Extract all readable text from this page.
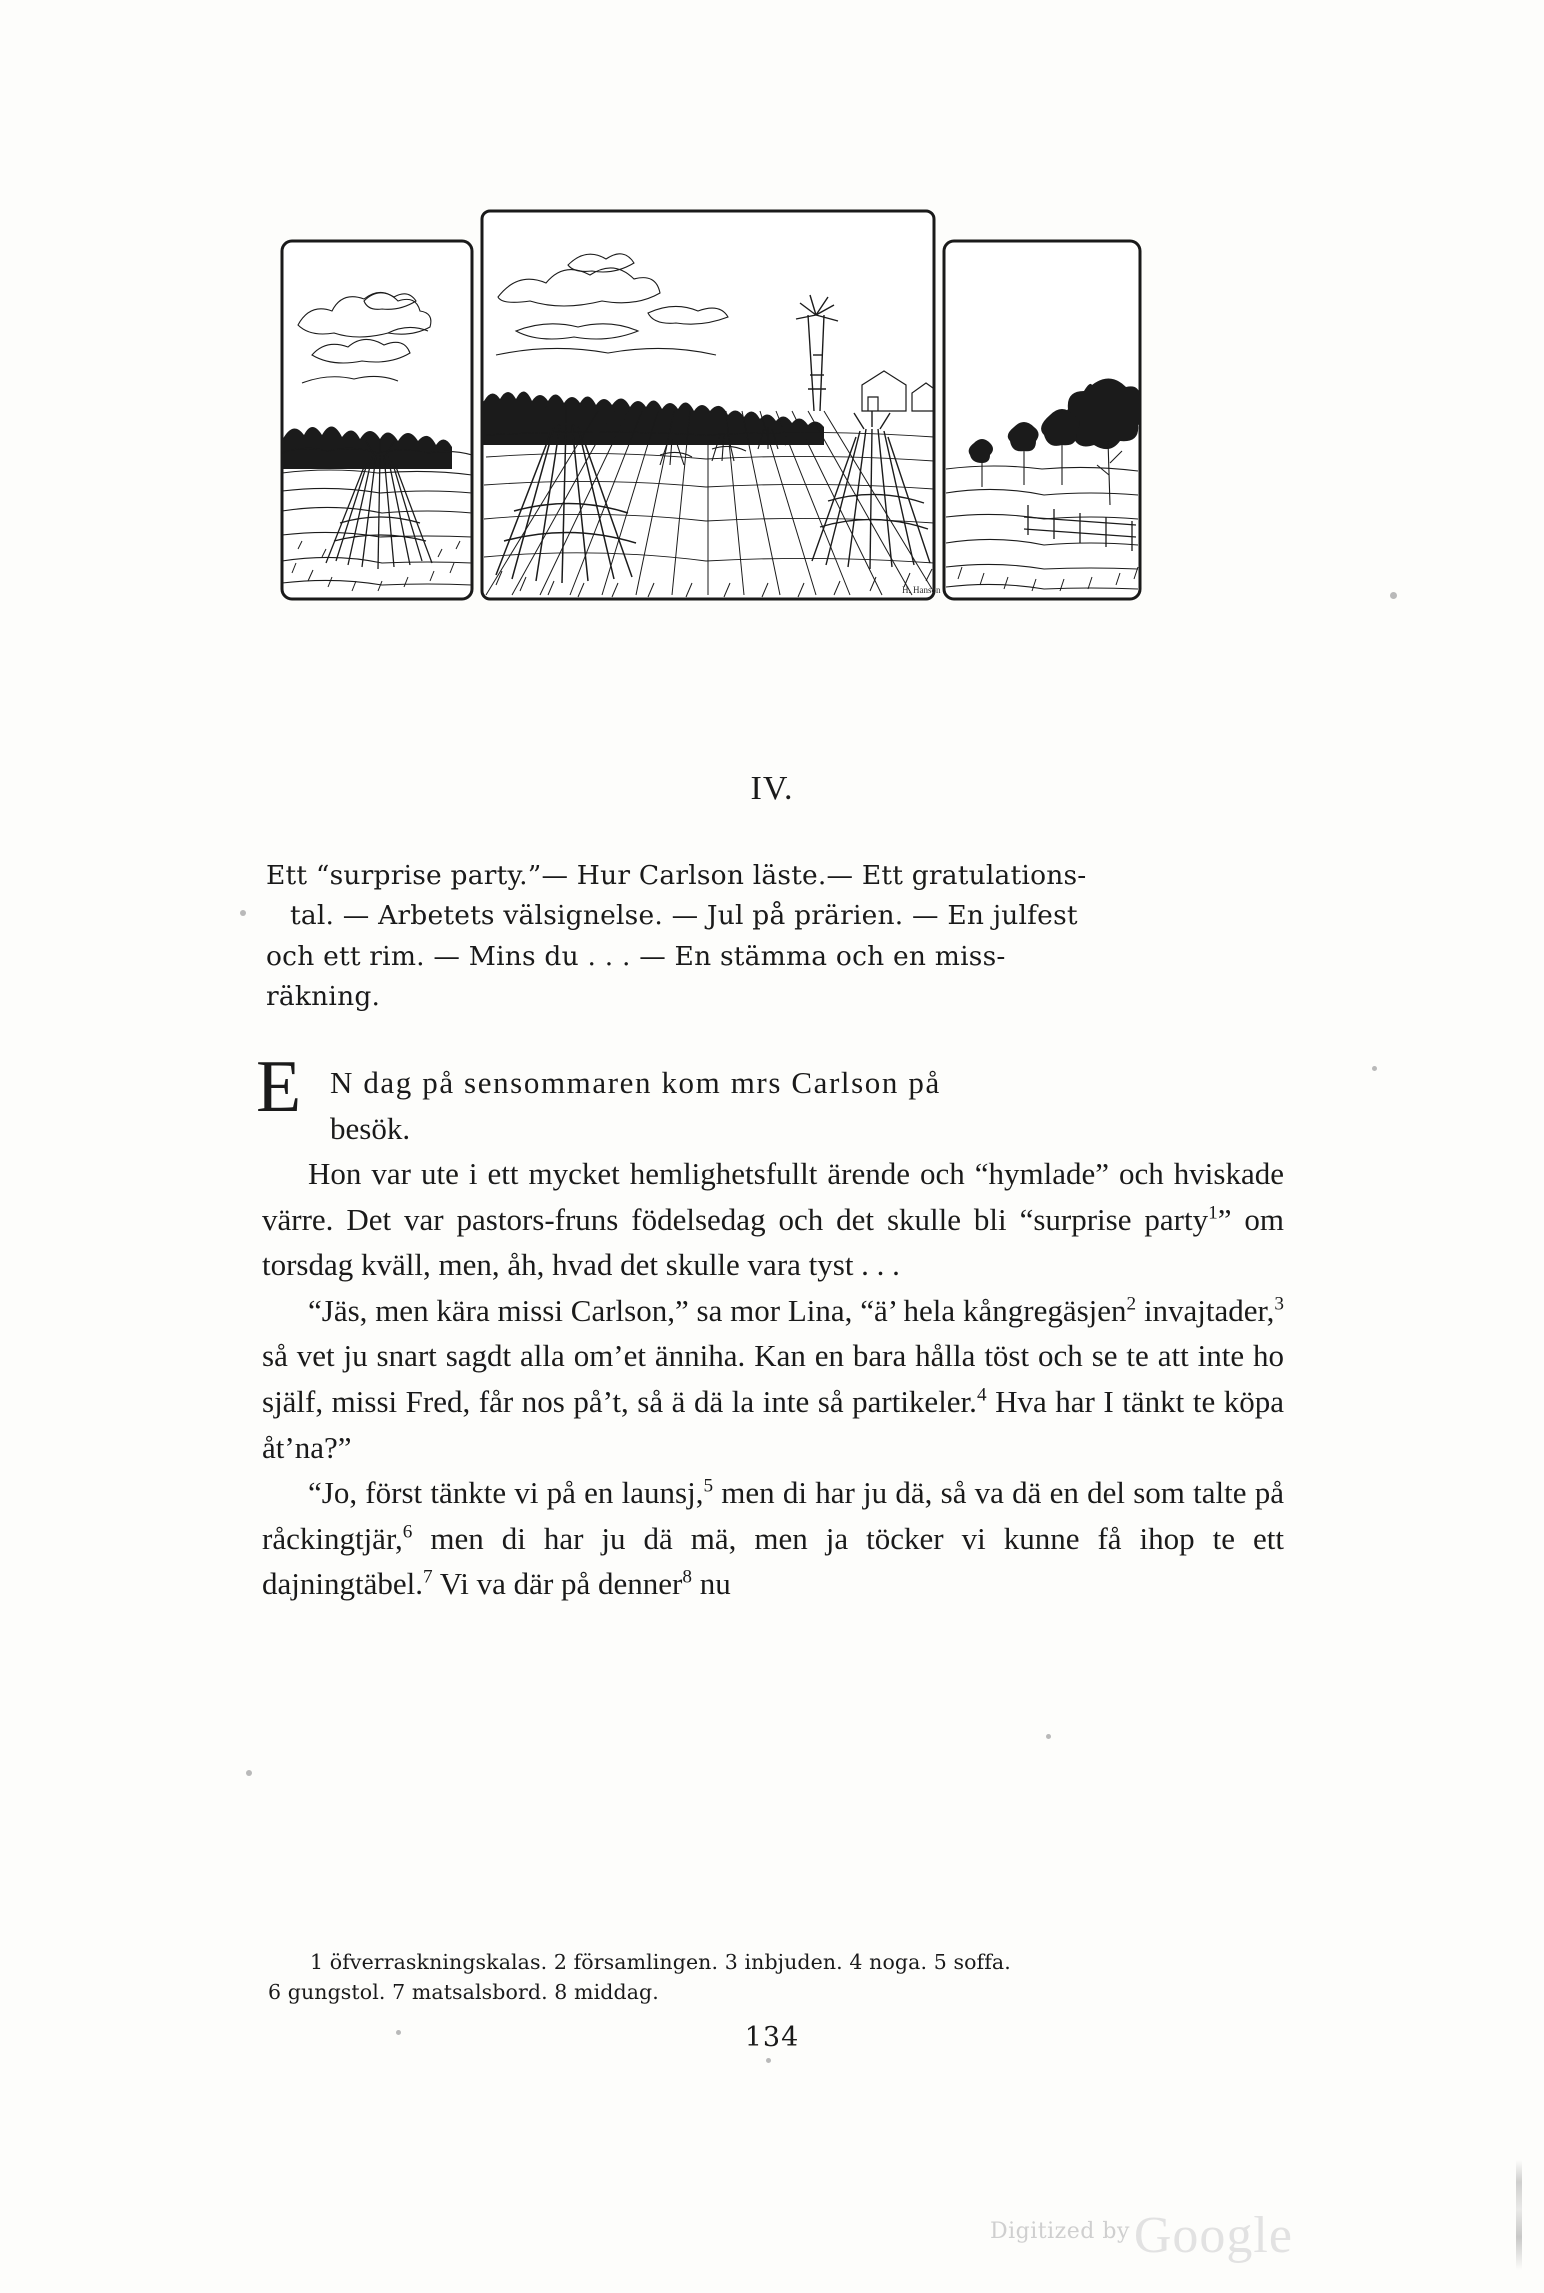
H. Hanson
IV.
Ett “surprise party.”— Hur Carlson läste.— Ett gratulations-
tal. — Arbetets välsignelse. — Jul på prärien. — En julfest
och ett rim. — Mins du . . . — En stämma och en miss-
räkning.

E N dag på sensommaren kom mrs Carlson på
besök.

Hon var ute i ett mycket hemlighetsfullt ärende och “hymlade” och hviskade värre. Det var pastors-fruns födelsedag och det skulle bli “surprise party$^1$” om torsdag kväll, men, åh, hvad det skulle vara tyst . . .

“Jäs, men kära missi Carlson,” sa mor Lina, “ä’ hela kångregäsjen$^2$ invajtader,$^3$ så vet ju snart sagdt alla om’et änniha. Kan en bara hålla töst och se te att inte ho själf, missi Fred, får nos på’t, så ä dä la inte så partikeler.$^4$ Hva har I tänkt te köpa åt’na?”

“Jo, först tänkte vi på en launsj,$^5$ men di har ju dä, så va dä en del som talte på råckingtjär,$^6$ men di har ju dä mä, men ja töcker vi kunne få ihop te ett dajningtäbel.$^7$ Vi va där på denner$^8$ nu

1 öfverraskningskalas. 2 församlingen. 3 inbjuden. 4 noga. 5 soffa.
6 gungstol. 7 matsalsbord. 8 middag.
134
Digitized by Google
